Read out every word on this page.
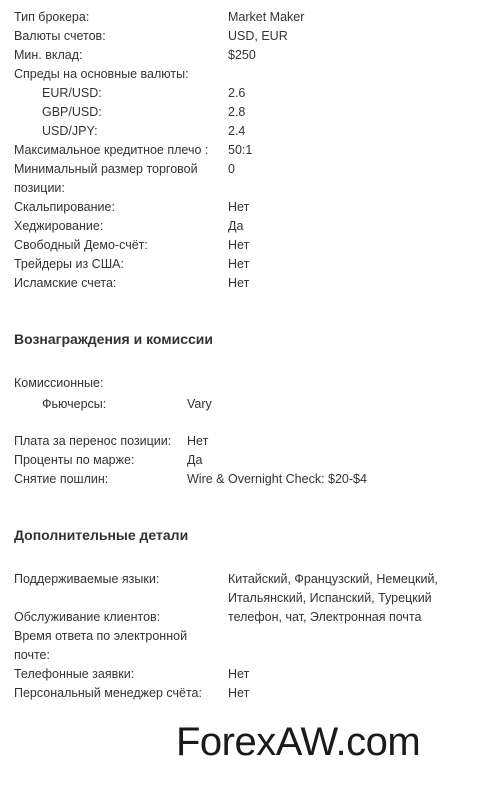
Тип брокера:	Market Maker
Валюты счетов:	USD, EUR
Мин. вклад:	$250
Спреды на основные валюты:
EUR/USD:	2.6
GBP/USD:	2.8
USD/JPY:	2.4
Максимальное кредитное плечо : 50:1
Минимальный размер торговой 0
позиции:
Скальпирование:	Нет
Хеджирование:	Да
Свободный Демо-счёт:	Нет
Трейдеры из США:	Нет
Исламские счета:	Нет
Вознаграждения и комиссии
Комиссионные:
Фьючерсы:	Vary
Плата за перенос позиции: Нет
Проценты по марже:	Да
Снятие пошлин:	Wire & Overnight Check: $20-$4
Дополнительные детали
Поддерживаемые языки:	Китайский, Французский, Немецкий,
Итальянский, Испанский, Турецкий
Обслуживание клиентов:	телефон, чат, Электронная почта
Время ответа по электронной
почте:
Телефонные заявки:	Нет
Персональный менеджер счёта: Нет
ForexAW.com
